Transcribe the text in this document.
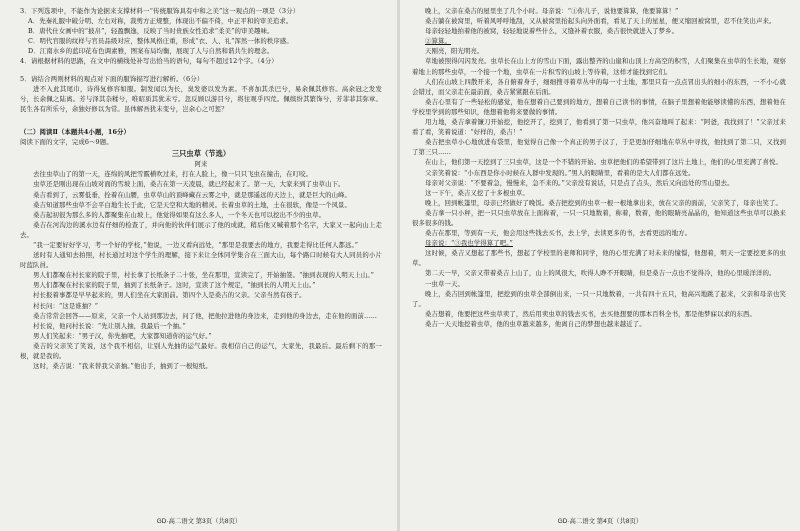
3．下列选项中，不能作为论据来支撑材料一“传统服饰具有中和之美”这一观点的一项是（3分）

A．先秦礼服中破分明、左右对称，裁剪方正规整，体现出不偏不倚，中正平和的审美追求。

B．唐代仕女画中的“披帛”，轻盈飘逸，反映了当时贵族女性追求“柔美”的审美趣味。

C．明代官服的纹样与官员品级对应，整体风格庄重，形成“衣、人、礼”浑然一体的秩序感。

D．江南水乡的蓝印花布色调素雅，图案布局均衡，展现了人与自然和谐共生的理念。

4．请根据材料的思路，在文中的横线处补写出恰当的语句，每句不超过12个字。（4分）

5．请结合两则材料的观点对下面的服饰描写进行解析。（6分）

进不入此其尾巾，诗得复修容如服。制发闻以为长，臭发婆以发为素。不喜加其杀巴兮，易余佩其修容。高余冠之发发兮，长余佩之陆离。芳与泽其杂糅兮，唯昭质其犹未亏。忽反顾以游目兮，将往观乎四荒。佩缤纷其繁饰兮，芳菲菲其弥章。民生各有所乐兮，余独好修以为常。虽体解吾犹未变兮，岂余心之可惩？

（二）阅读Ⅱ（本题共4小题，16分）

阅读下面的文字，完成6～9题。

三只虫草（节选）

阿来

去往虫草山了的第一天，连绵的风把雪霰横吹过来，打在人脸上，像一只只飞虫在撞击，在叮咬。

虫草还是刚出现在山坡对面的雪坡上面，桑吉在第一天凌晨，就已经起来了。第一天，大家来到了虫草山下。

桑吉看到了，云雾低垂，拴着在山腰，虫草草山的顶峰藏在云雾之中，就是那遥远的天边上，就是巨大的山峰。

桑吉知道那些虫草不会平白地生长于此，它是天空和大地的精灵。长着虫草的土地，土在很软，像是一个风景。

桑吉起初很为那么多的人都聚集在山坡上，他觉得如果有这么多人，一个冬天也可以挖出不少的虫草。

桑吉在河沟边的溪水边有仔细的检查了，并向他的伙伴们展示了他的成就，稍后他又喊着那个名字，大家又一起向山上走去。

“我一定要好好学习，考一个好的学校，”他说，一边又看向远处，“那里是我要去的地方，我要走得比任何人都远。”

送时有人通知去拍照，村长通过对这个学生的理解，接下来让全体同学集合在三面大山，每个路口时候有大人同员的小片时蓝队員。

男人们都聚在村长家的院子里，村长拿了长纸条子二十张，坐在那里，宣读完了，开始抽签。“抽到表现的人明天上山。”

男人们都聚在村长家的院子里，抽到了长纸条子。这时，宣读了这个规定，“抽到长的人明天上山。”

村长报着事都是早早起来的，男人们坐在大家面前。第四个人是桑吉的父亲。父亲当然有孩子。

村长问：“这是谁抽？”

桑吉常常会回答——原来，父亲一个人站到那边去，问了他，把他拉进他的身边来，走到他的身边去，走在他的面前……

村长说，他问村长说：“先让别人抽，我最后一个抽。”

男人们笑起来：“男子汉，你先抽吧，大家都知道你的运气好。”

桑吉的父亲笑了笑说，这个我不相信，让别人先抽的运气最好。我相信自己的运气，大家先，我最后。最后剩下的那一根，就是我的。

这时，桑吉说：“我来替我父亲抽。”他出手，抽到了一根短纸。

GD·高二语文 第3页（共8页）

晚上，父亲在桑吉的屋里坐了几个小时。母亲说：“①你儿子，说他要算算，他要算算！”

桑吉躺在被窝里，听着风呼呼地刮，又从被窝里抬起头向外面看，看见了天上的星星，便又缩回被窝里，忍不住笑出声来。

母亲轻轻地拍着他的被窝，轻轻地说着些什么，又缝补着衣服，桑吉很快就进入了梦乡。

②算算。

天刚亮，阳光明亮。

草地被照得闪闪发亮。虫草长在山上方的雪山下面，露出整齐的山崖和山顶上方高空的积雪，人们聚集在虫草的生长地，观察着地上的那些虫草，一个接一个地，虫草在一片积雪的山坡上等待着，这样才能找到它们。

人们在山坡上四散开来，各自俯着身子，细细搜寻着草丛中的每一寸土地，那里只有一点点冒出头的细小的东西，一不小心就会错过，而父亲走在最前面，桑吉紧紧跟在后面。

桑吉心里有了一些轻松的感觉，他在想着自己要到的地方，想着自己读书的事情，在脑子里想着他能够读懂的东西，想着他在学校里学到的那些知识，他想着他将来要做的事情。

用力地，桑吉拿着镰刀开始挖，他挖开了，挖到了，他看到了第一只虫草，他兴奋地叫了起来：“阿爸，我找到了！”父亲过来看了看，笑着说道：“好样的，桑吉！”

桑吉把虫草小心地放进布袋里，他觉得自己像一个真正的男子汉了，于是更加仔细地在草丛中寻找，他找到了第二只，又找到了第三只……

在山上，他们第一天挖到了三只虫草，这是一个不错的开始。虫草把他们的希望带到了这片土地上，他们的心里充满了喜悦。

父亲笑着说：“小东西是你小时候在人群中发现的。”男人的眼睛里，看着的是大人们都在远处。

母亲对父亲说：“不要着急，慢慢来，急不来的。”父亲没有说话，只是点了点头，然后又向远处的雪山望去。

这一下午，桑吉又挖了十多根虫草。

晚上，回到帐篷里，母亲已经做好了晚饭。桑吉把挖到的虫草一根一根地拿出来，放在父亲的面前，父亲笑了，母亲也笑了。

桑吉拿一只小秤，把一只只虫草放在上面称着，一只一只地数着，称着，数着，他的眼睛亮晶晶的，他知道这些虫草可以换来很多很多的钱。

桑吉在那里，等到有一天，他会用这些钱去买书，去上学，去读更多的书，去看更远的地方。

母亲说：“③我也学得算了吧。”

这时候，桑吉又想起了那些书，想起了学校里的老师和同学，他的心里充满了对未来的憧憬，他想着，明天一定要挖更多的虫草。

第二天一早，父亲又带着桑吉上山了，山上的风很大，吹得人睁不开眼睛，但是桑吉一点也不觉得冷，他的心里暖洋洋的。

一虫草一天。

晚上，桑吉回到帐篷里，把挖到的虫草全部倒出来，一只一只地数着，一共有四十五只，他高兴地跳了起来，父亲和母亲也笑了。

桑吉想着，他要把这些虫草卖了，然后用卖虫草的钱去买书，去买他想要的那本百科全书，那是他梦寐以求的东西。

桑吉一天天地挖着虫草，他的虫草越来越多，他离自己的梦想也越来越近了。

GD·高二语文 第4页（共8页）
